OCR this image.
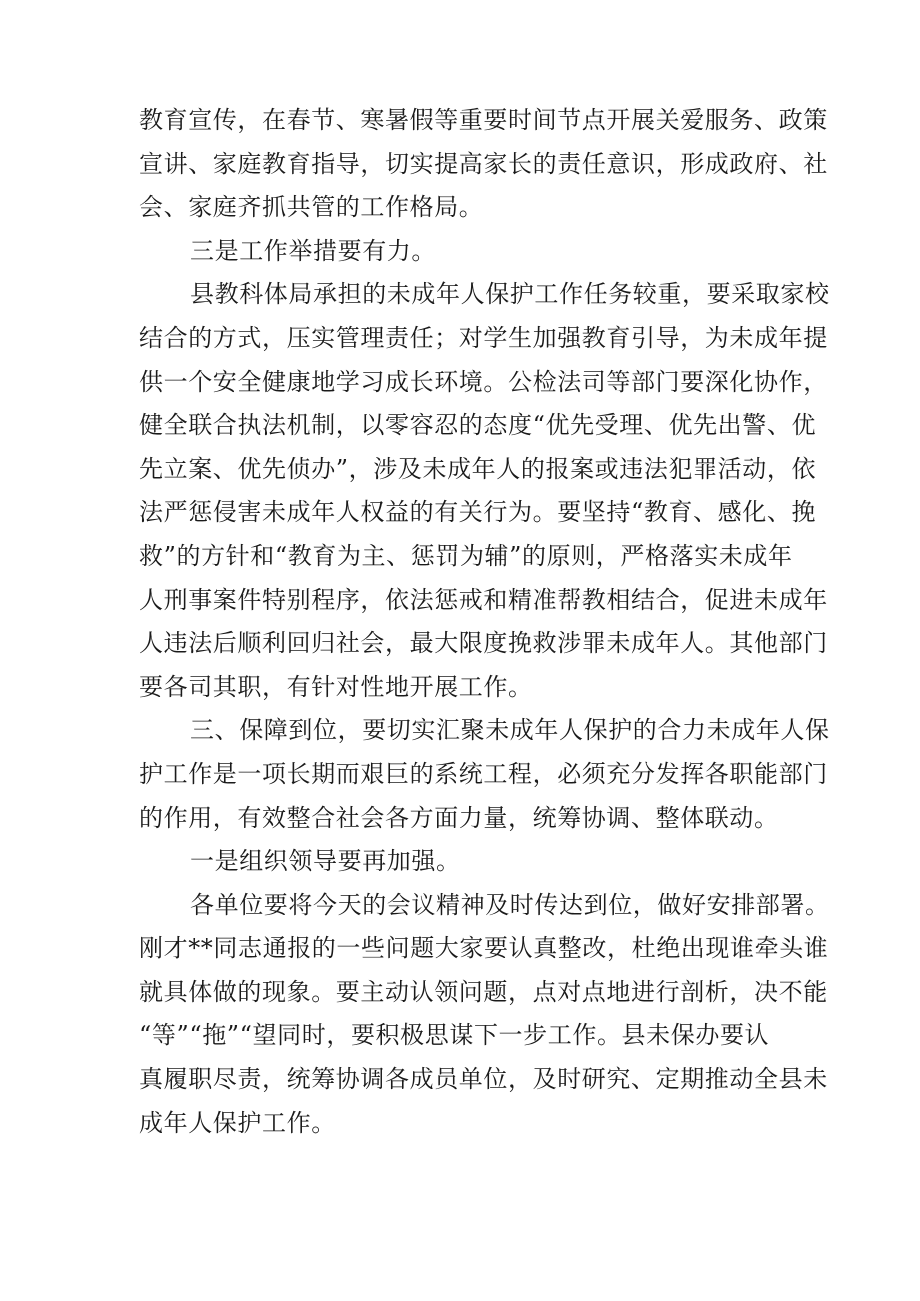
教育宣传，在春节、寒暑假等重要时间节点开展关爱服务、政策
宣讲、家庭教育指导，切实提高家长的责任意识，形成政府、社
会、家庭齐抓共管的工作格局。
三是工作举措要有力。
县教科体局承担的未成年人保护工作任务较重，要采取家校
结合的方式，压实管理责任；对学生加强教育引导，为未成年提
供一个安全健康地学习成长环境。公检法司等部门要深化协作，
健全联合执法机制，以零容忍的态度“优先受理、优先出警、优
先立案、优先侦办”，涉及未成年人的报案或违法犯罪活动，依
法严惩侵害未成年人权益的有关行为。要坚持“教育、感化、挽
救”的方针和“教育为主、惩罚为辅”的原则，严格落实未成年
人刑事案件特别程序，依法惩戒和精准帮教相结合，促进未成年
人违法后顺利回归社会，最大限度挽救涉罪未成年人。其他部门
要各司其职，有针对性地开展工作。
三、保障到位，要切实汇聚未成年人保护的合力未成年人保
护工作是一项长期而艰巨的系统工程，必须充分发挥各职能部门
的作用，有效整合社会各方面力量，统筹协调、整体联动。
一是组织领导要再加强。
各单位要将今天的会议精神及时传达到位，做好安排部署。
刚才**同志通报的一些问题大家要认真整改，杜绝出现谁牵头谁
就具体做的现象。要主动认领问题，点对点地进行剖析，决不能
“等”“拖”“望同时，要积极思谋下一步工作。县未保办要认
真履职尽责，统筹协调各成员单位，及时研究、定期推动全县未
成年人保护工作。
